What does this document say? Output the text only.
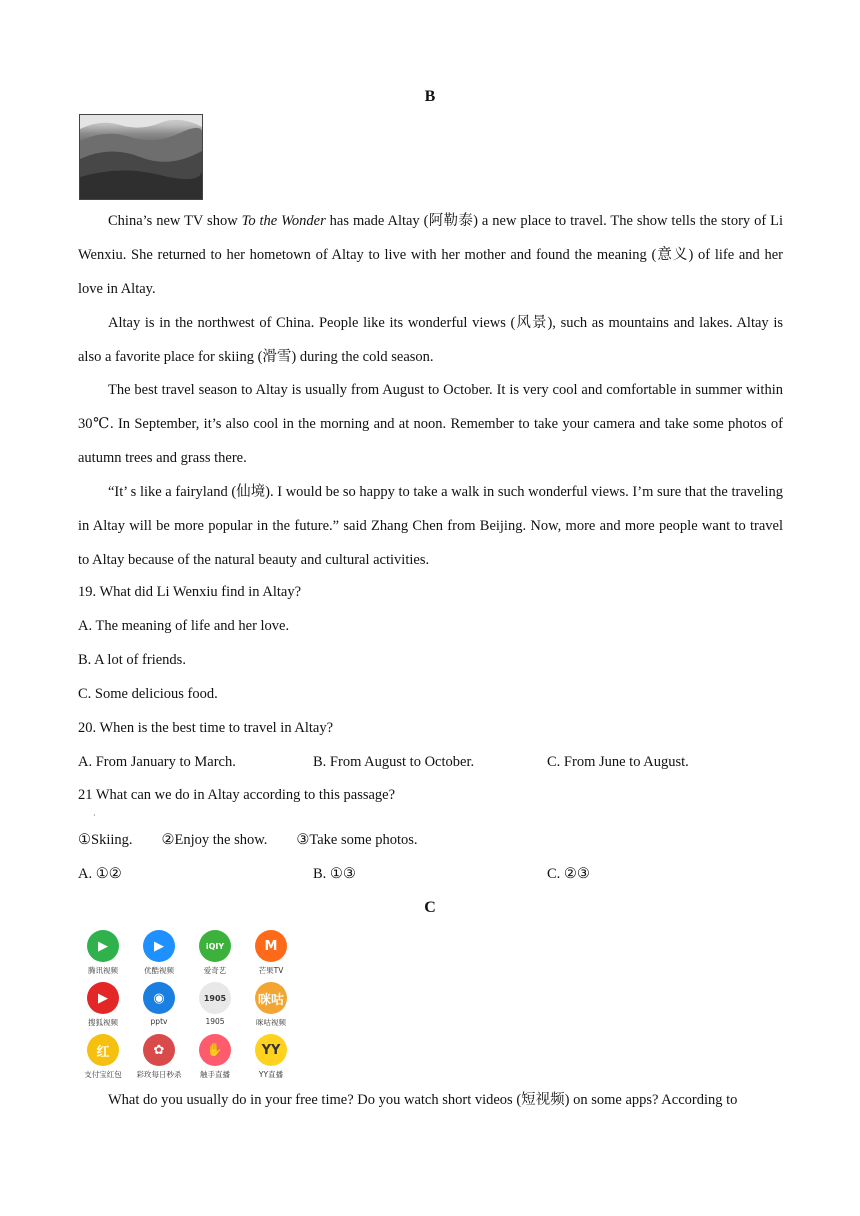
B

China’s new TV show To the Wonder has made Altay (阿勒泰) a new place to travel. The show tells the story of Li Wenxiu. She returned to her hometown of Altay to live with her mother and found the meaning (意义) of life and her love in Altay.

Altay is in the northwest of China. People like its wonderful views (风景), such as mountains and lakes. Altay is also a favorite place for skiing (滑雪) during the cold season.

The best travel season to Altay is usually from August to October. It is very cool and comfortable in summer within 30℃. In September, it’s also cool in the morning and at noon. Remember to take your camera and take some photos of autumn trees and grass there.

“It’ s like a fairyland (仙境). I would be so happy to take a walk in such wonderful views. I’m sure that the traveling in Altay will be more popular in the future.” said Zhang Chen from Beijing. Now, more and more people want to travel to Altay because of the natural beauty and cultural activities.

19. What did Li Wenxiu find in Altay?
A. The meaning of life and her love.
B. A lot of friends.
C. Some delicious food.
20. When is the best time to travel in Altay?
A. From January to March.	B. From August to October.	C. From June to August.
21 What can we do in Altay according to this passage?
·
①Skiing.        ②Enjoy the show.        ③Take some photos.
A. ①②	B. ①③	C. ②③
C
▶
腾讯视频
▶
优酷视频
iQIY
爱奇艺
M
芒果TV
▶
搜狐视频
◉
pptv
1905
1905
咪咕
咪咕视频
红
支付宝红包
✿
彩玫每日秒杀
✋
触手直播
YY
YY直播

What do you usually do in your free time? Do you watch short videos (短视频) on some apps? According to
